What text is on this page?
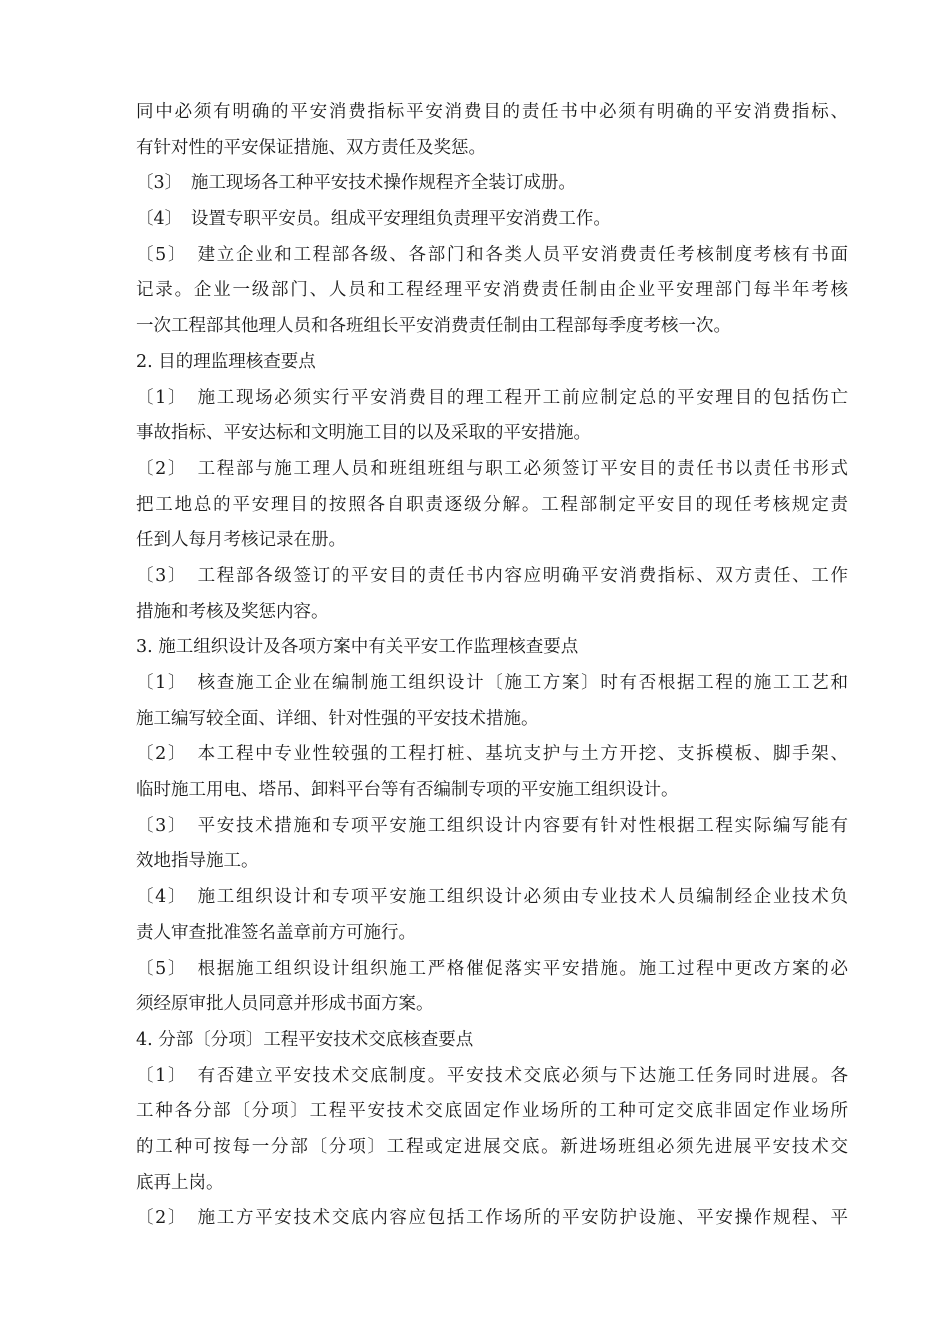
同中必须有明确的平安消费指标平安消费目的责任书中必须有明确的平安消费指标、
有针对性的平安保证措施、双方责任及奖惩。
〔3〕　施工现场各工种平安技术操作规程齐全装订成册。
〔4〕　设置专职平安员。组成平安理组负责理平安消费工作。
〔5〕　建立企业和工程部各级、各部门和各类人员平安消费责任考核制度考核有书面
记录。企业一级部门、人员和工程经理平安消费责任制由企业平安理部门每半年考核
一次工程部其他理人员和各班组长平安消费责任制由工程部每季度考核一次。
2. 目的理监理核查要点
〔1〕　施工现场必须实行平安消费目的理工程开工前应制定总的平安理目的包括伤亡
事故指标、平安达标和文明施工目的以及采取的平安措施。
〔2〕　工程部与施工理人员和班组班组与职工必须签订平安目的责任书以责任书形式
把工地总的平安理目的按照各自职责逐级分解。工程部制定平安目的现任考核规定责
任到人每月考核记录在册。
〔3〕　工程部各级签订的平安目的责任书内容应明确平安消费指标、双方责任、工作
措施和考核及奖惩内容。
3. 施工组织设计及各项方案中有关平安工作监理核查要点
〔1〕　核查施工企业在编制施工组织设计〔施工方案〕时有否根据工程的施工工艺和
施工编写较全面、详细、针对性强的平安技术措施。
〔2〕　本工程中专业性较强的工程打桩、基坑支护与土方开挖、支拆模板、脚手架、
临时施工用电、塔吊、卸料平台等有否编制专项的平安施工组织设计。
〔3〕　平安技术措施和专项平安施工组织设计内容要有针对性根据工程实际编写能有
效地指导施工。
〔4〕　施工组织设计和专项平安施工组织设计必须由专业技术人员编制经企业技术负
责人审查批准签名盖章前方可施行。
〔5〕　根据施工组织设计组织施工严格催促落实平安措施。施工过程中更改方案的必
须经原审批人员同意并形成书面方案。
4. 分部〔分项〕工程平安技术交底核查要点
〔1〕　有否建立平安技术交底制度。平安技术交底必须与下达施工任务同时进展。各
工种各分部〔分项〕工程平安技术交底固定作业场所的工种可定交底非固定作业场所
的工种可按每一分部〔分项〕工程或定进展交底。新进场班组必须先进展平安技术交
底再上岗。
〔2〕　施工方平安技术交底内容应包括工作场所的平安防护设施、平安操作规程、平
